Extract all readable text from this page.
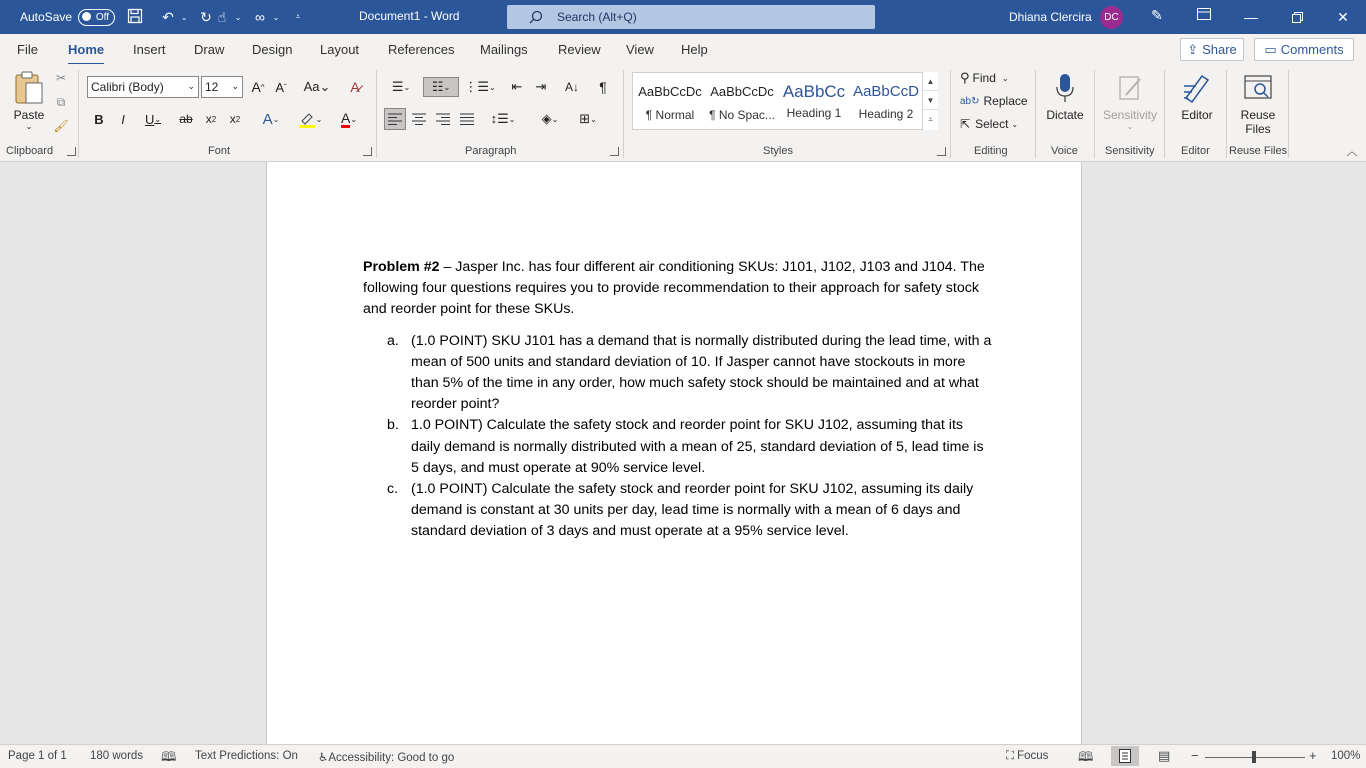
AutoSave Off	↶ ⌄ ↻ ☝	⌄ ∞ ⌄	⩡	Document1 - Word	Search (Alt+Q)	Dhiana Clercira	DC	✎	—	✕
File Home Insert Draw Design Layout References Mailings Review View Help	⇪ Share ▭ Comments
Paste
⌄
✂
⧉
🖌
Clipboard
Calibri (Body)	⌄ 12 ⌄ A ^ A ˇ Aa⌄	A̷
B	I	U ⌄ ab x 2 x 2	A ⌄	⌄ A ⌄
Font
☰ ⌄	☷ ⌄ ⋮☰ ⌄ ⇤ ⇥ A↓	¶
↕☰ ⌄	◈ ⌄	⊞ ⌄
Paragraph
AaBbCcDc
¶ Normal
AaBbCcDc
¶ No Spac...
AaBbCc
Heading 1
AaBbCcD
Heading 2
▲
▼
⩡
Styles
⚲ Find ⌄
ab↻ Replace
⇱ Select ⌄
Editing
Dictate
Voice
Sensitivity
⌄
Sensitivity
Editor
Editor
Reuse
Files
Reuse Files	︿

Problem #2 – Jasper Inc. has four different air conditioning SKUs: J101, J102, J103 and J104. The following four questions requires you to provide recommendation to their approach for safety stock and reorder point for these SKUs.

a. (1.0 POINT) SKU J101 has a demand that is normally distributed during the lead time, with a mean of 500 units and standard deviation of 10. If Jasper cannot have stockouts in more than 5% of the time in any order, how much safety stock should be maintained and at what reorder point?
b. 1.0 POINT) Calculate the safety stock and reorder point for SKU J102, assuming that its daily demand is normally distributed with a mean of 25, standard deviation of 5, lead time is 5 days, and must operate at 90% service level.
c. (1.0 POINT) Calculate the safety stock and reorder point for SKU J102, assuming its daily demand is constant at 30 units per day, lead time is normally with a mean of 6 days and standard deviation of 3 days and must operate at a 95% service level.
Page 1 of 1 180 words 🕮 Text Predictions: On ♿︎Accessibility: Good to go	⛶ Focus 🕮	▤ −	+ 100%
